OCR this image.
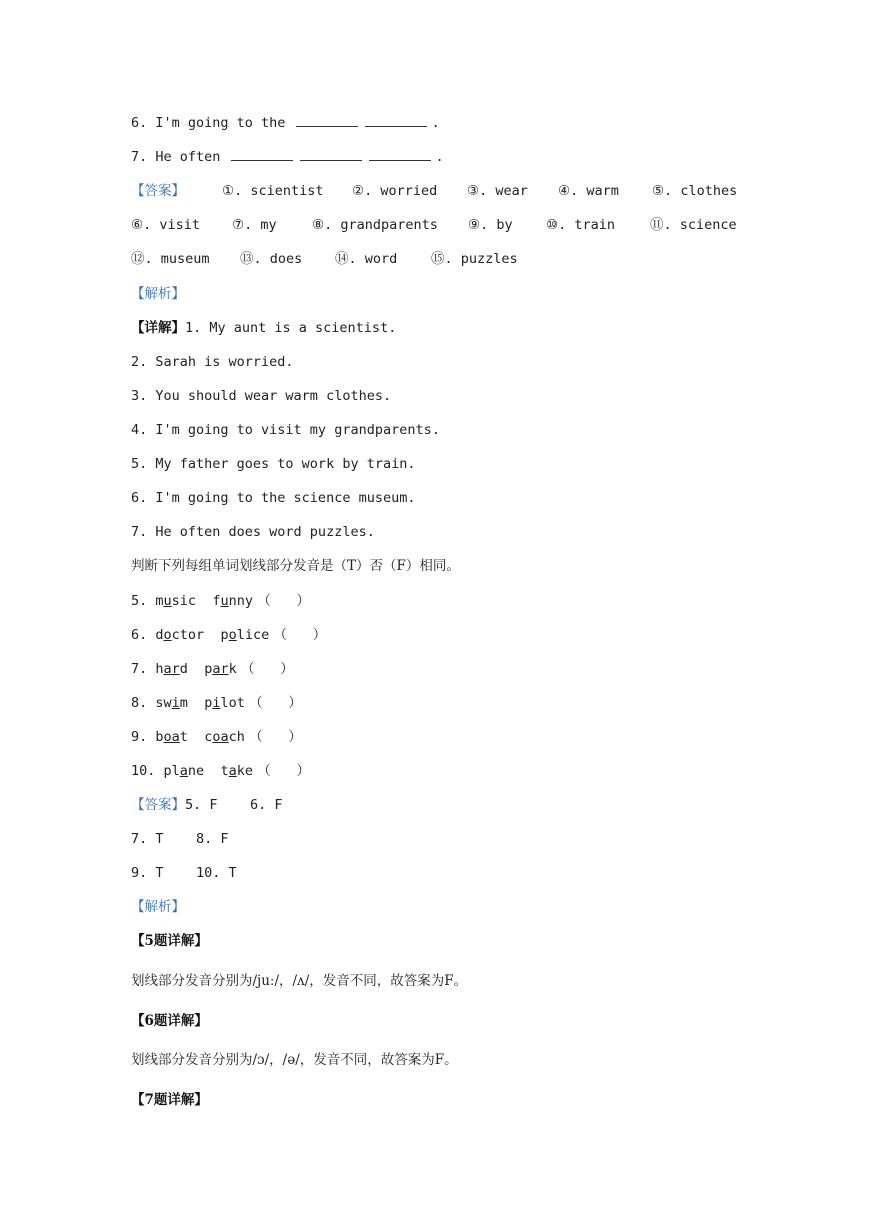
6. I'm going to the	.
7. He often	.
【答案】	①. scientist ②. worried ③. wear ④. warm ⑤. clothes
⑥. visit ⑦. my	⑧. grandparents ⑨. by ⑩. train	⑪. science
⑫. museum ⑬. does ⑭. word ⑮. puzzles
【解析】
【详解】1. My aunt is a scientist.
2. Sarah is worried.
3. You should wear warm clothes.
4. I'm going to visit my grandparents.
5. My father goes to work by train.
6. I'm going to the science museum.
7. He often does word puzzles.
判断下列每组单词划线部分发音是（T）否（F）相同。
5. music funny （      ）
6. doctor police （      ）
7. hard park （      ）
8. swim pilot （      ）
9. boat coach （      ）
10. plane take （      ）
【答案】5. F    6. F
7. T    8. F
9. T    10. T
【解析】
【5题详解】
划线部分发音分别为/juː/，/ʌ/，发音不同，故答案为F。
【6题详解】
划线部分发音分别为/ɔ/，/ə/，发音不同，故答案为F。
【7题详解】
